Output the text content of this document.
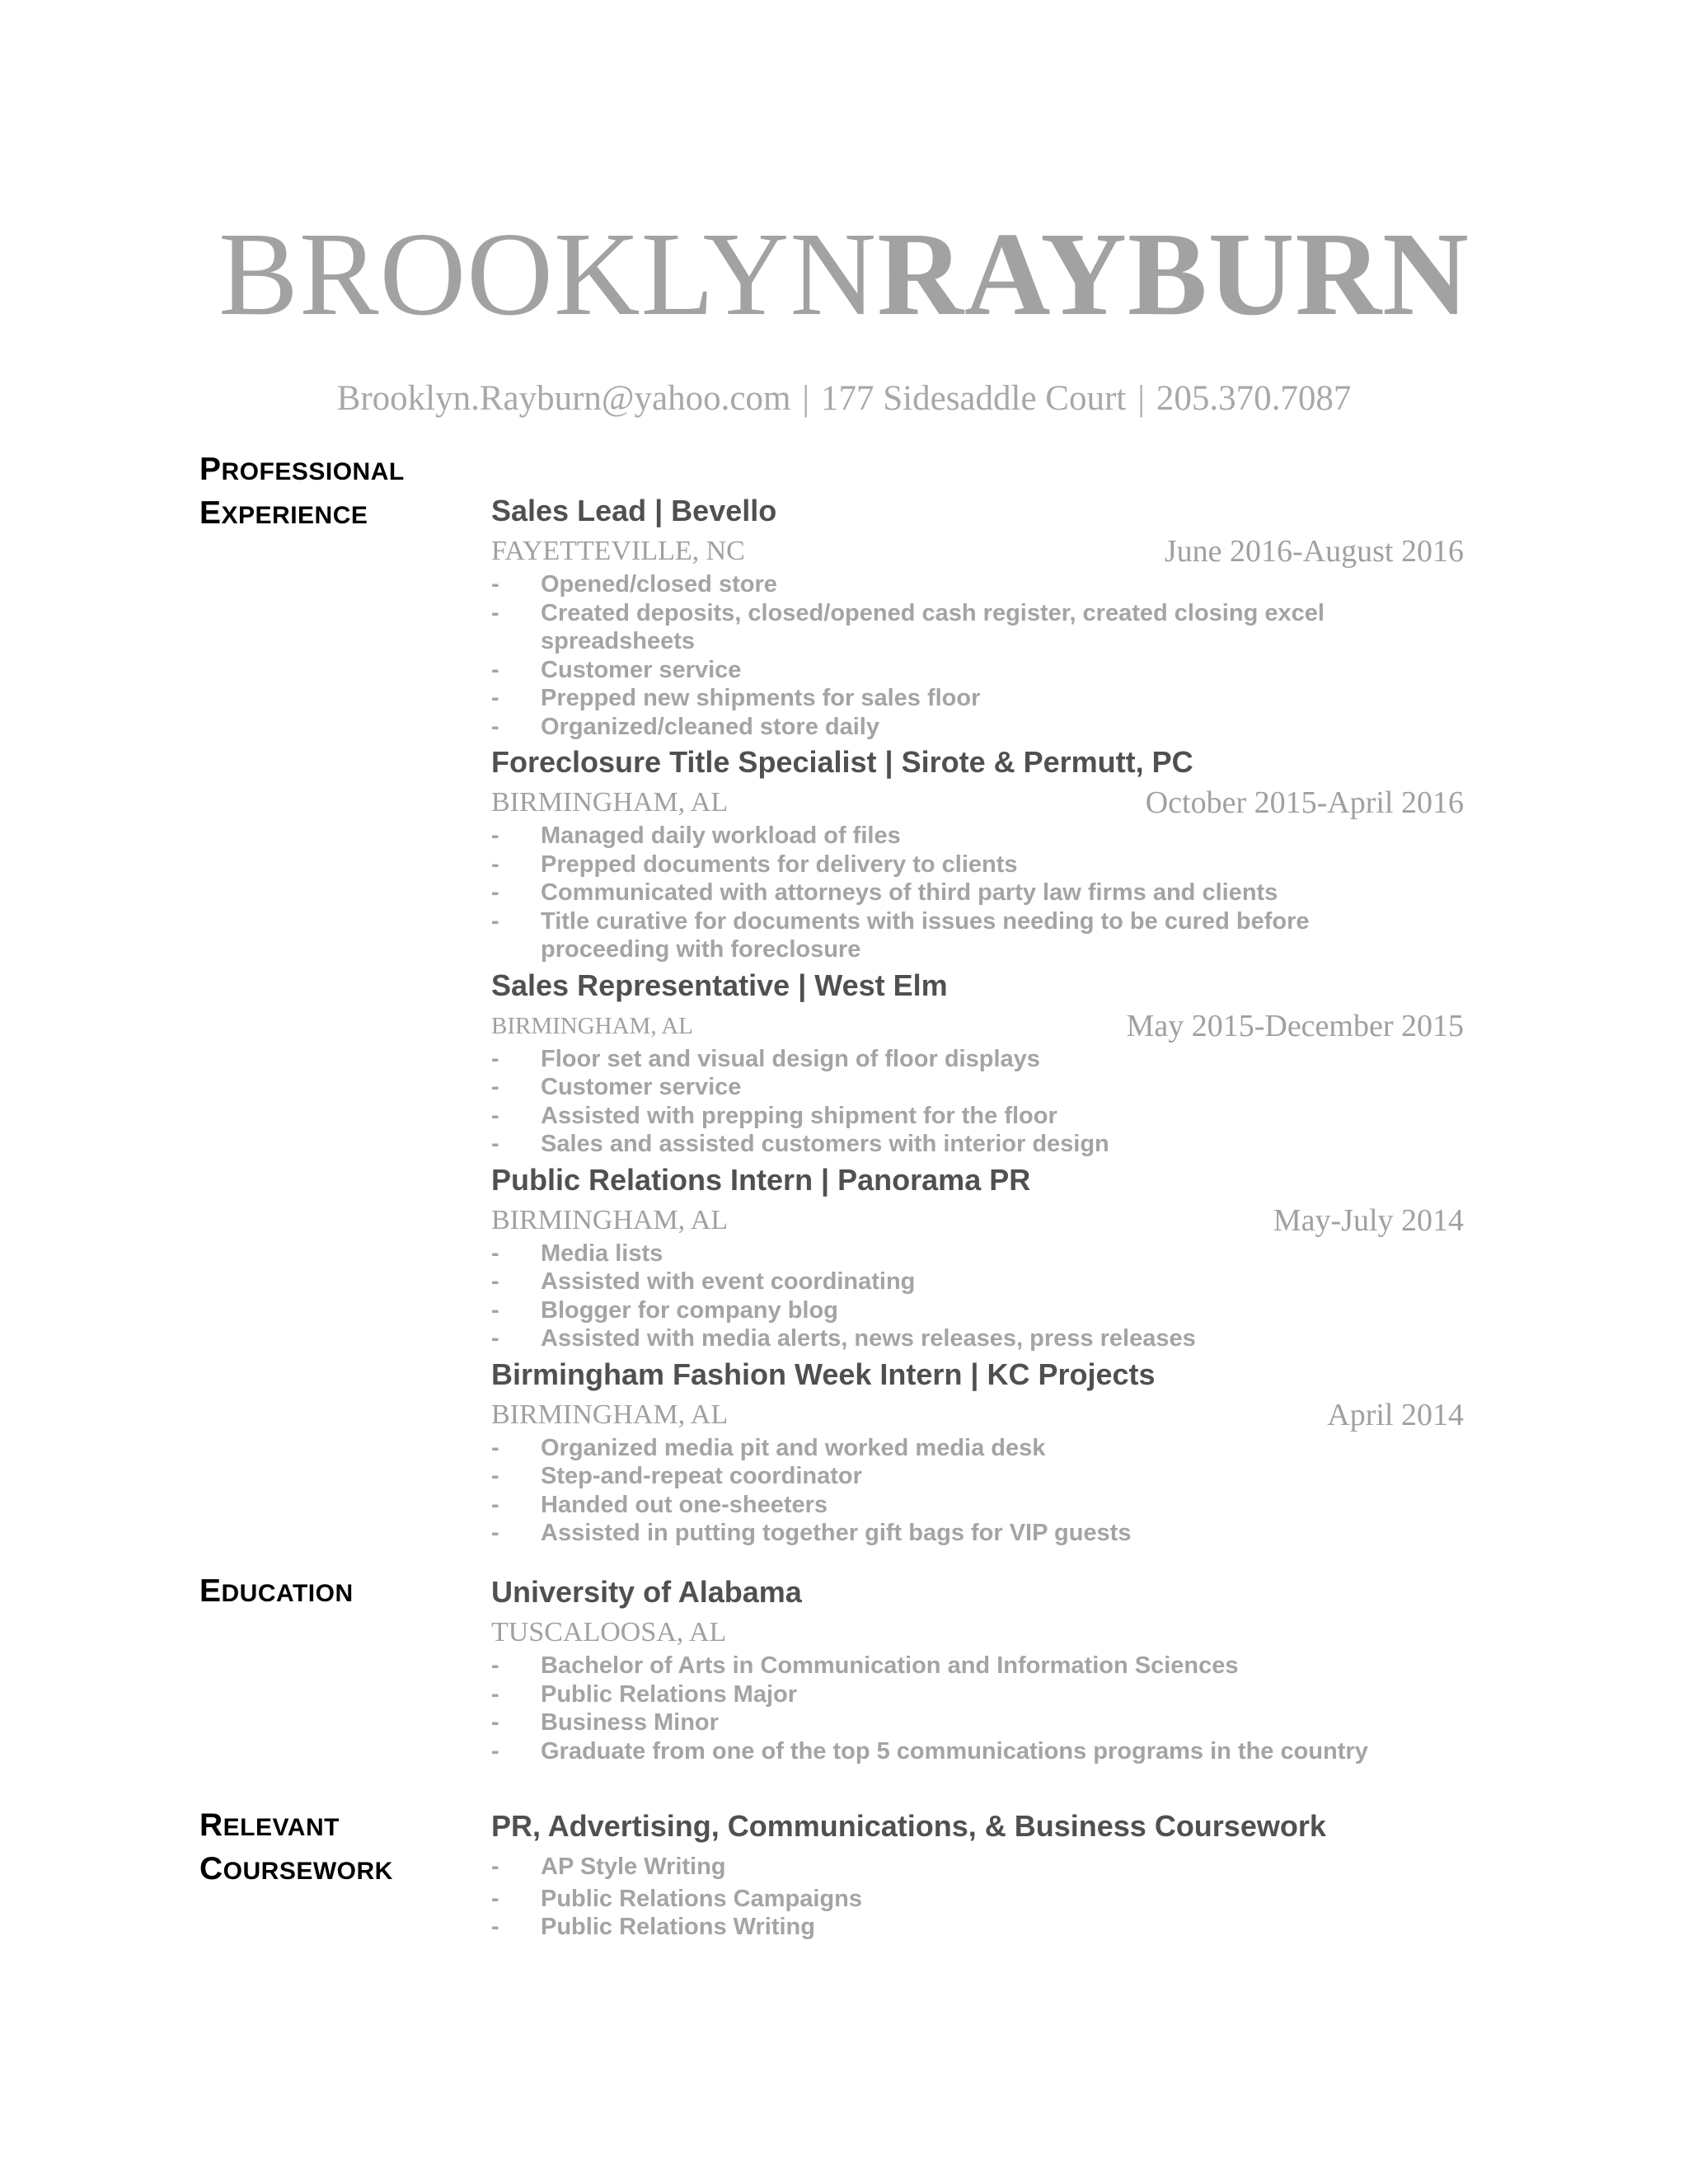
BROOKLYNRAYBURN
Brooklyn.Rayburn@yahoo.com | 177 Sidesaddle Court | 205.370.7087
PROFESSIONAL
EXPERIENCE	Sales Lead | Bevello
FAYETTEVILLE, NC	June 2016-August 2016
-	Opened/closed store
-	Created deposits, closed/opened cash register, created closing excel spreadsheets
-	Customer service
-	Prepped new shipments for sales floor
-	Organized/cleaned store daily
Foreclosure Title Specialist | Sirote & Permutt, PC
BIRMINGHAM, AL	October 2015-April 2016
-	Managed daily workload of files
-	Prepped documents for delivery to clients
-	Communicated with attorneys of third party law firms and clients
-	Title curative for documents with issues needing to be cured before proceeding with foreclosure
Sales Representative | West Elm
BIRMINGHAM, AL	May 2015-December 2015
-	Floor set and visual design of floor displays
-	Customer service
-	Assisted with prepping shipment for the floor
-	Sales and assisted customers with interior design
Public Relations Intern | Panorama PR
BIRMINGHAM, AL	May-July 2014
-	Media lists
-	Assisted with event coordinating
-	Blogger for company blog
-	Assisted with media alerts, news releases, press releases
Birmingham Fashion Week Intern | KC Projects
BIRMINGHAM, AL	April 2014
-	Organized media pit and worked media desk
-	Step-and-repeat coordinator
-	Handed out one-sheeters
-	Assisted in putting together gift bags for VIP guests
EDUCATION	University of Alabama
TUSCALOOSA, AL
-	Bachelor of Arts in Communication and Information Sciences
-	Public Relations Major
-	Business Minor
-	Graduate from one of the top 5 communications programs in the country
RELEVANT
COURSEWORK
PR, Advertising, Communications, & Business Coursework
-	AP Style Writing
-	Public Relations Campaigns
-	Public Relations Writing
